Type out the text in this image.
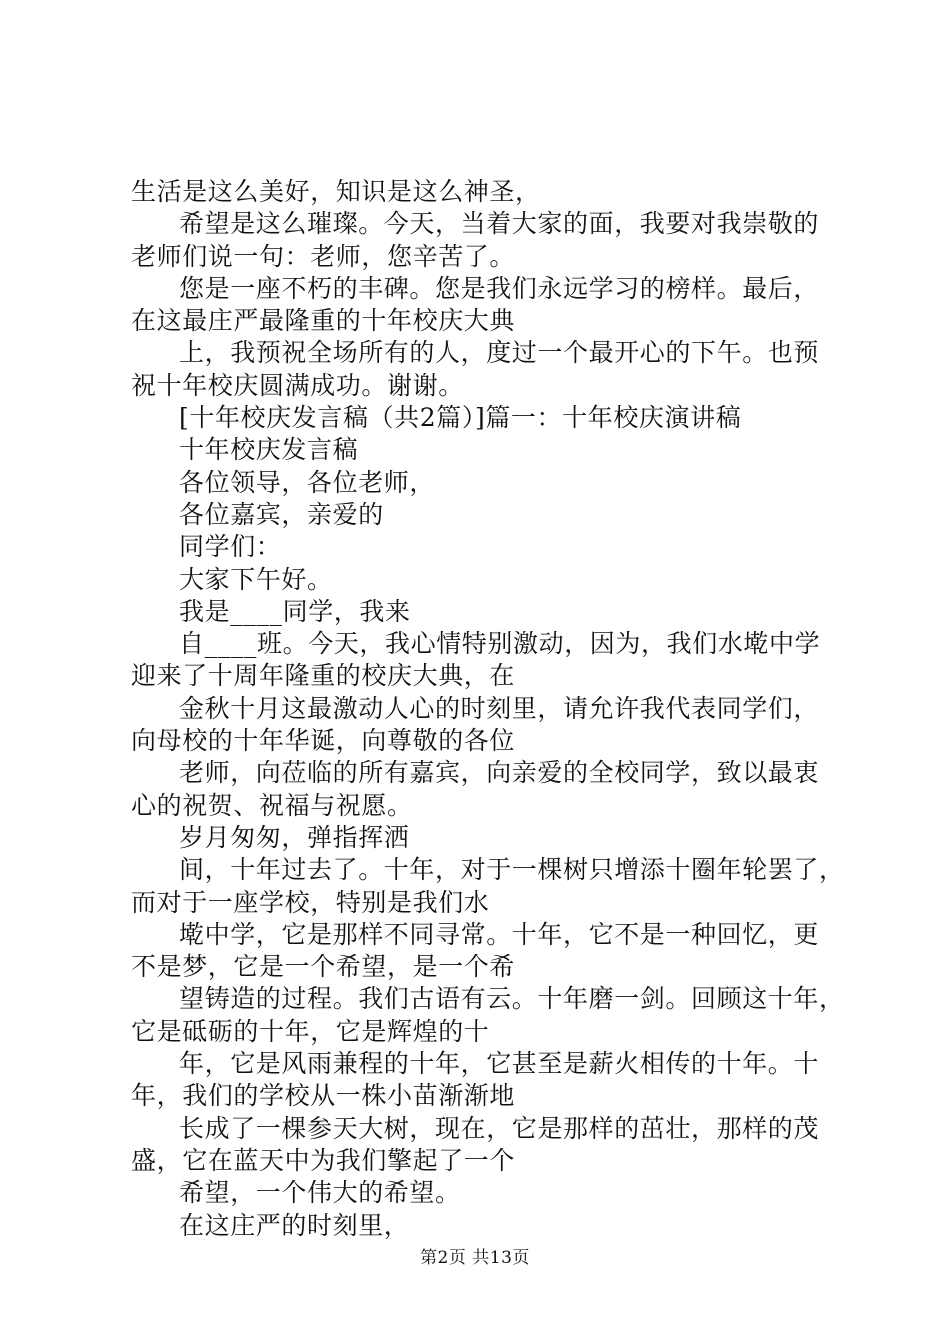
生活是这么美好，知识是这么神圣，
希望是这么璀璨。今天，当着大家的面，我要对我崇敬的
老师们说一句：老师，您辛苦了。
您是一座不朽的丰碑。您是我们永远学习的榜样。最后，
在这最庄严最隆重的十年校庆大典
上，我预祝全场所有的人，度过一个最开心的下午。也预
祝十年校庆圆满成功。谢谢。
[十年校庆发言稿（共2篇）]篇一：十年校庆演讲稿
十年校庆发言稿
各位领导，各位老师，
各位嘉宾，亲爱的
同学们：
大家下午好。
我是____同学，我来
自____班。今天，我心情特别激动，因为，我们水墘中学
迎来了十周年隆重的校庆大典，在
金秋十月这最激动人心的时刻里，请允许我代表同学们，
向母校的十年华诞，向尊敬的各位
老师，向莅临的所有嘉宾，向亲爱的全校同学，致以最衷
心的祝贺、祝福与祝愿。
岁月匆匆，弹指挥洒
间，十年过去了。十年，对于一棵树只增添十圈年轮罢了，
而对于一座学校，特别是我们水
墘中学，它是那样不同寻常。十年，它不是一种回忆，更
不是梦，它是一个希望，是一个希
望铸造的过程。我们古语有云。十年磨一剑。回顾这十年，
它是砥砺的十年，它是辉煌的十
年，它是风雨兼程的十年，它甚至是薪火相传的十年。十
年，我们的学校从一株小苗渐渐地
长成了一棵参天大树，现在，它是那样的茁壮，那样的茂
盛，它在蓝天中为我们擎起了一个
希望，一个伟大的希望。
在这庄严的时刻里，
第2页 共13页
